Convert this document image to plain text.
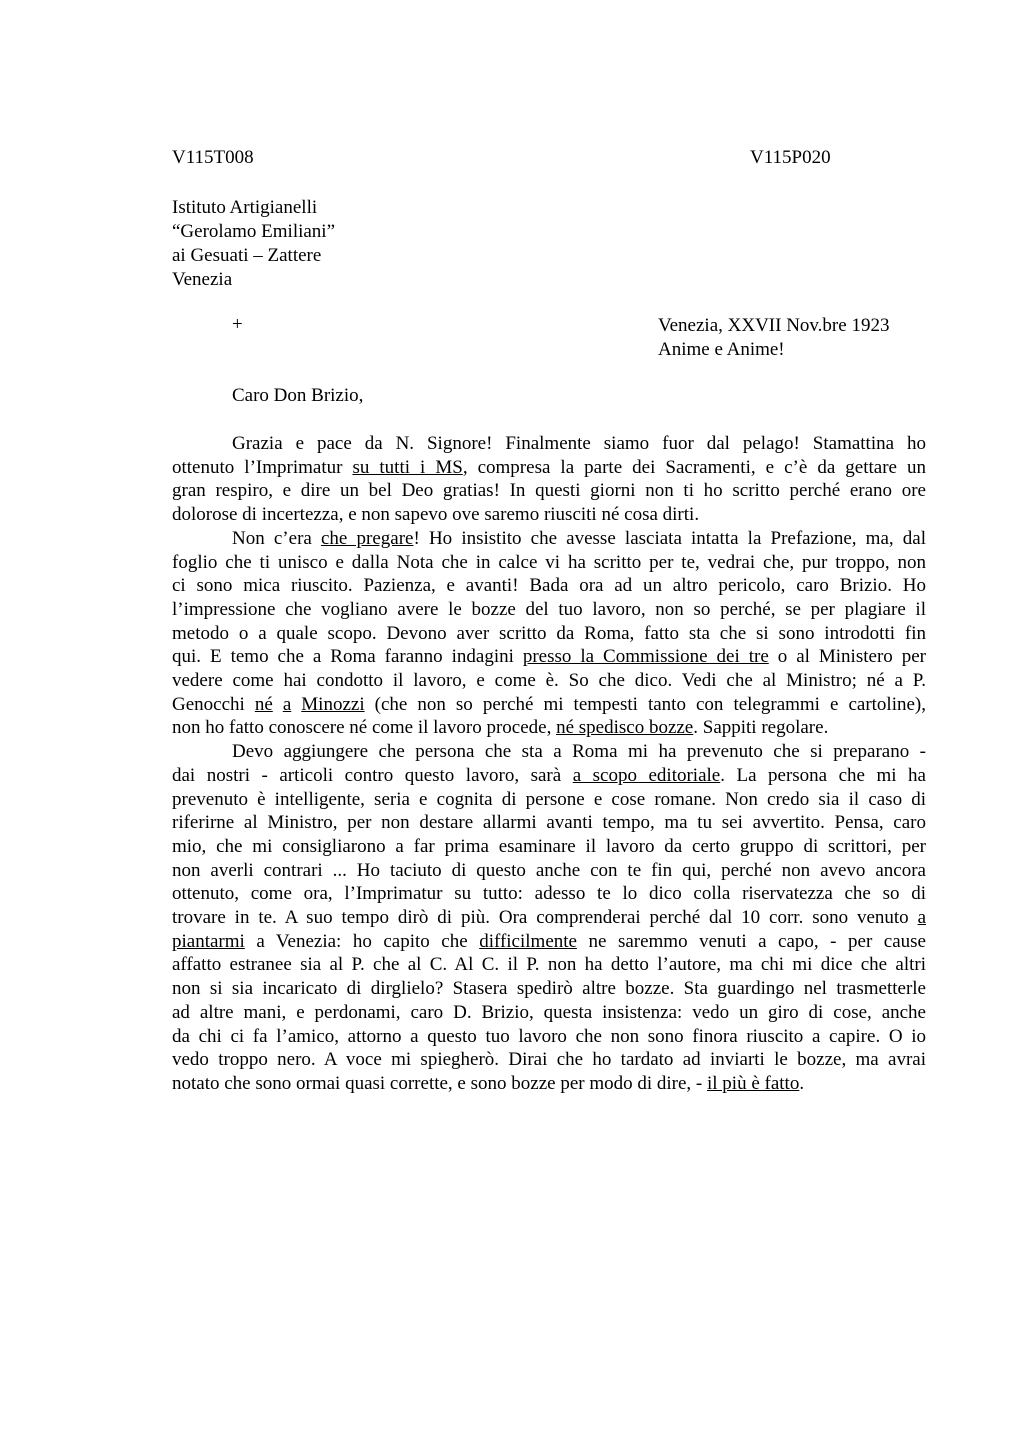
V115T008	V115P020
Istituto Artigianelli
“Gerolamo Emiliani”
ai Gesuati – Zattere
Venezia
+	Venezia, XXVII Nov.bre 1923
Anime e Anime!
Caro Don Brizio,
Grazia e pace da N. Signore! Finalmente siamo fuor dal pelago! Stamattina ho
ottenuto l’Imprimatur su tutti i MS, compresa la parte dei Sacramenti, e c’è da gettare un
gran respiro, e dire un bel Deo gratias! In questi giorni non ti ho scritto perché erano ore
dolorose di incertezza, e non sapevo ove saremo riusciti né cosa dirti.
Non c’era che pregare! Ho insistito che avesse lasciata intatta la Prefazione, ma, dal
foglio che ti unisco e dalla Nota che in calce vi ha scritto per te, vedrai che, pur troppo, non
ci sono mica riuscito. Pazienza, e avanti! Bada ora ad un altro pericolo, caro Brizio. Ho
l’impressione che vogliano avere le bozze del tuo lavoro, non so perché, se per plagiare il
metodo o a quale scopo. Devono aver scritto da Roma, fatto sta che si sono introdotti fin
qui. E temo che a Roma faranno indagini presso la Commissione dei tre o al Ministero per
vedere come hai condotto il lavoro, e come è. So che dico. Vedi che al Ministro; né a P.
Genocchi né a Minozzi (che non so perché mi tempesti tanto con telegrammi e cartoline),
non ho fatto conoscere né come il lavoro procede, né spedisco bozze. Sappiti regolare.
Devo aggiungere che persona che sta a Roma mi ha prevenuto che si preparano -
dai nostri - articoli contro questo lavoro, sarà a scopo editoriale. La persona che mi ha
prevenuto è intelligente, seria e cognita di persone e cose romane. Non credo sia il caso di
riferirne al Ministro, per non destare allarmi avanti tempo, ma tu sei avvertito. Pensa, caro
mio, che mi consigliarono a far prima esaminare il lavoro da certo gruppo di scrittori, per
non averli contrari ... Ho taciuto di questo anche con te fin qui, perché non avevo ancora
ottenuto, come ora, l’Imprimatur su tutto: adesso te lo dico colla riservatezza che so di
trovare in te. A suo tempo dirò di più. Ora comprenderai perché dal 10 corr. sono venuto a
piantarmi a Venezia: ho capito che difficilmente ne saremmo venuti a capo, - per cause
affatto estranee sia al P. che al C. Al C. il P. non ha detto l’autore, ma chi mi dice che altri
non si sia incaricato di dirglielo? Stasera spedirò altre bozze. Sta guardingo nel trasmetterle
ad altre mani, e perdonami, caro D. Brizio, questa insistenza: vedo un giro di cose, anche
da chi ci fa l’amico, attorno a questo tuo lavoro che non sono finora riuscito a capire. O io
vedo troppo nero. A voce mi spiegherò. Dirai che ho tardato ad inviarti le bozze, ma avrai
notato che sono ormai quasi corrette, e sono bozze per modo di dire, - il più è fatto.
